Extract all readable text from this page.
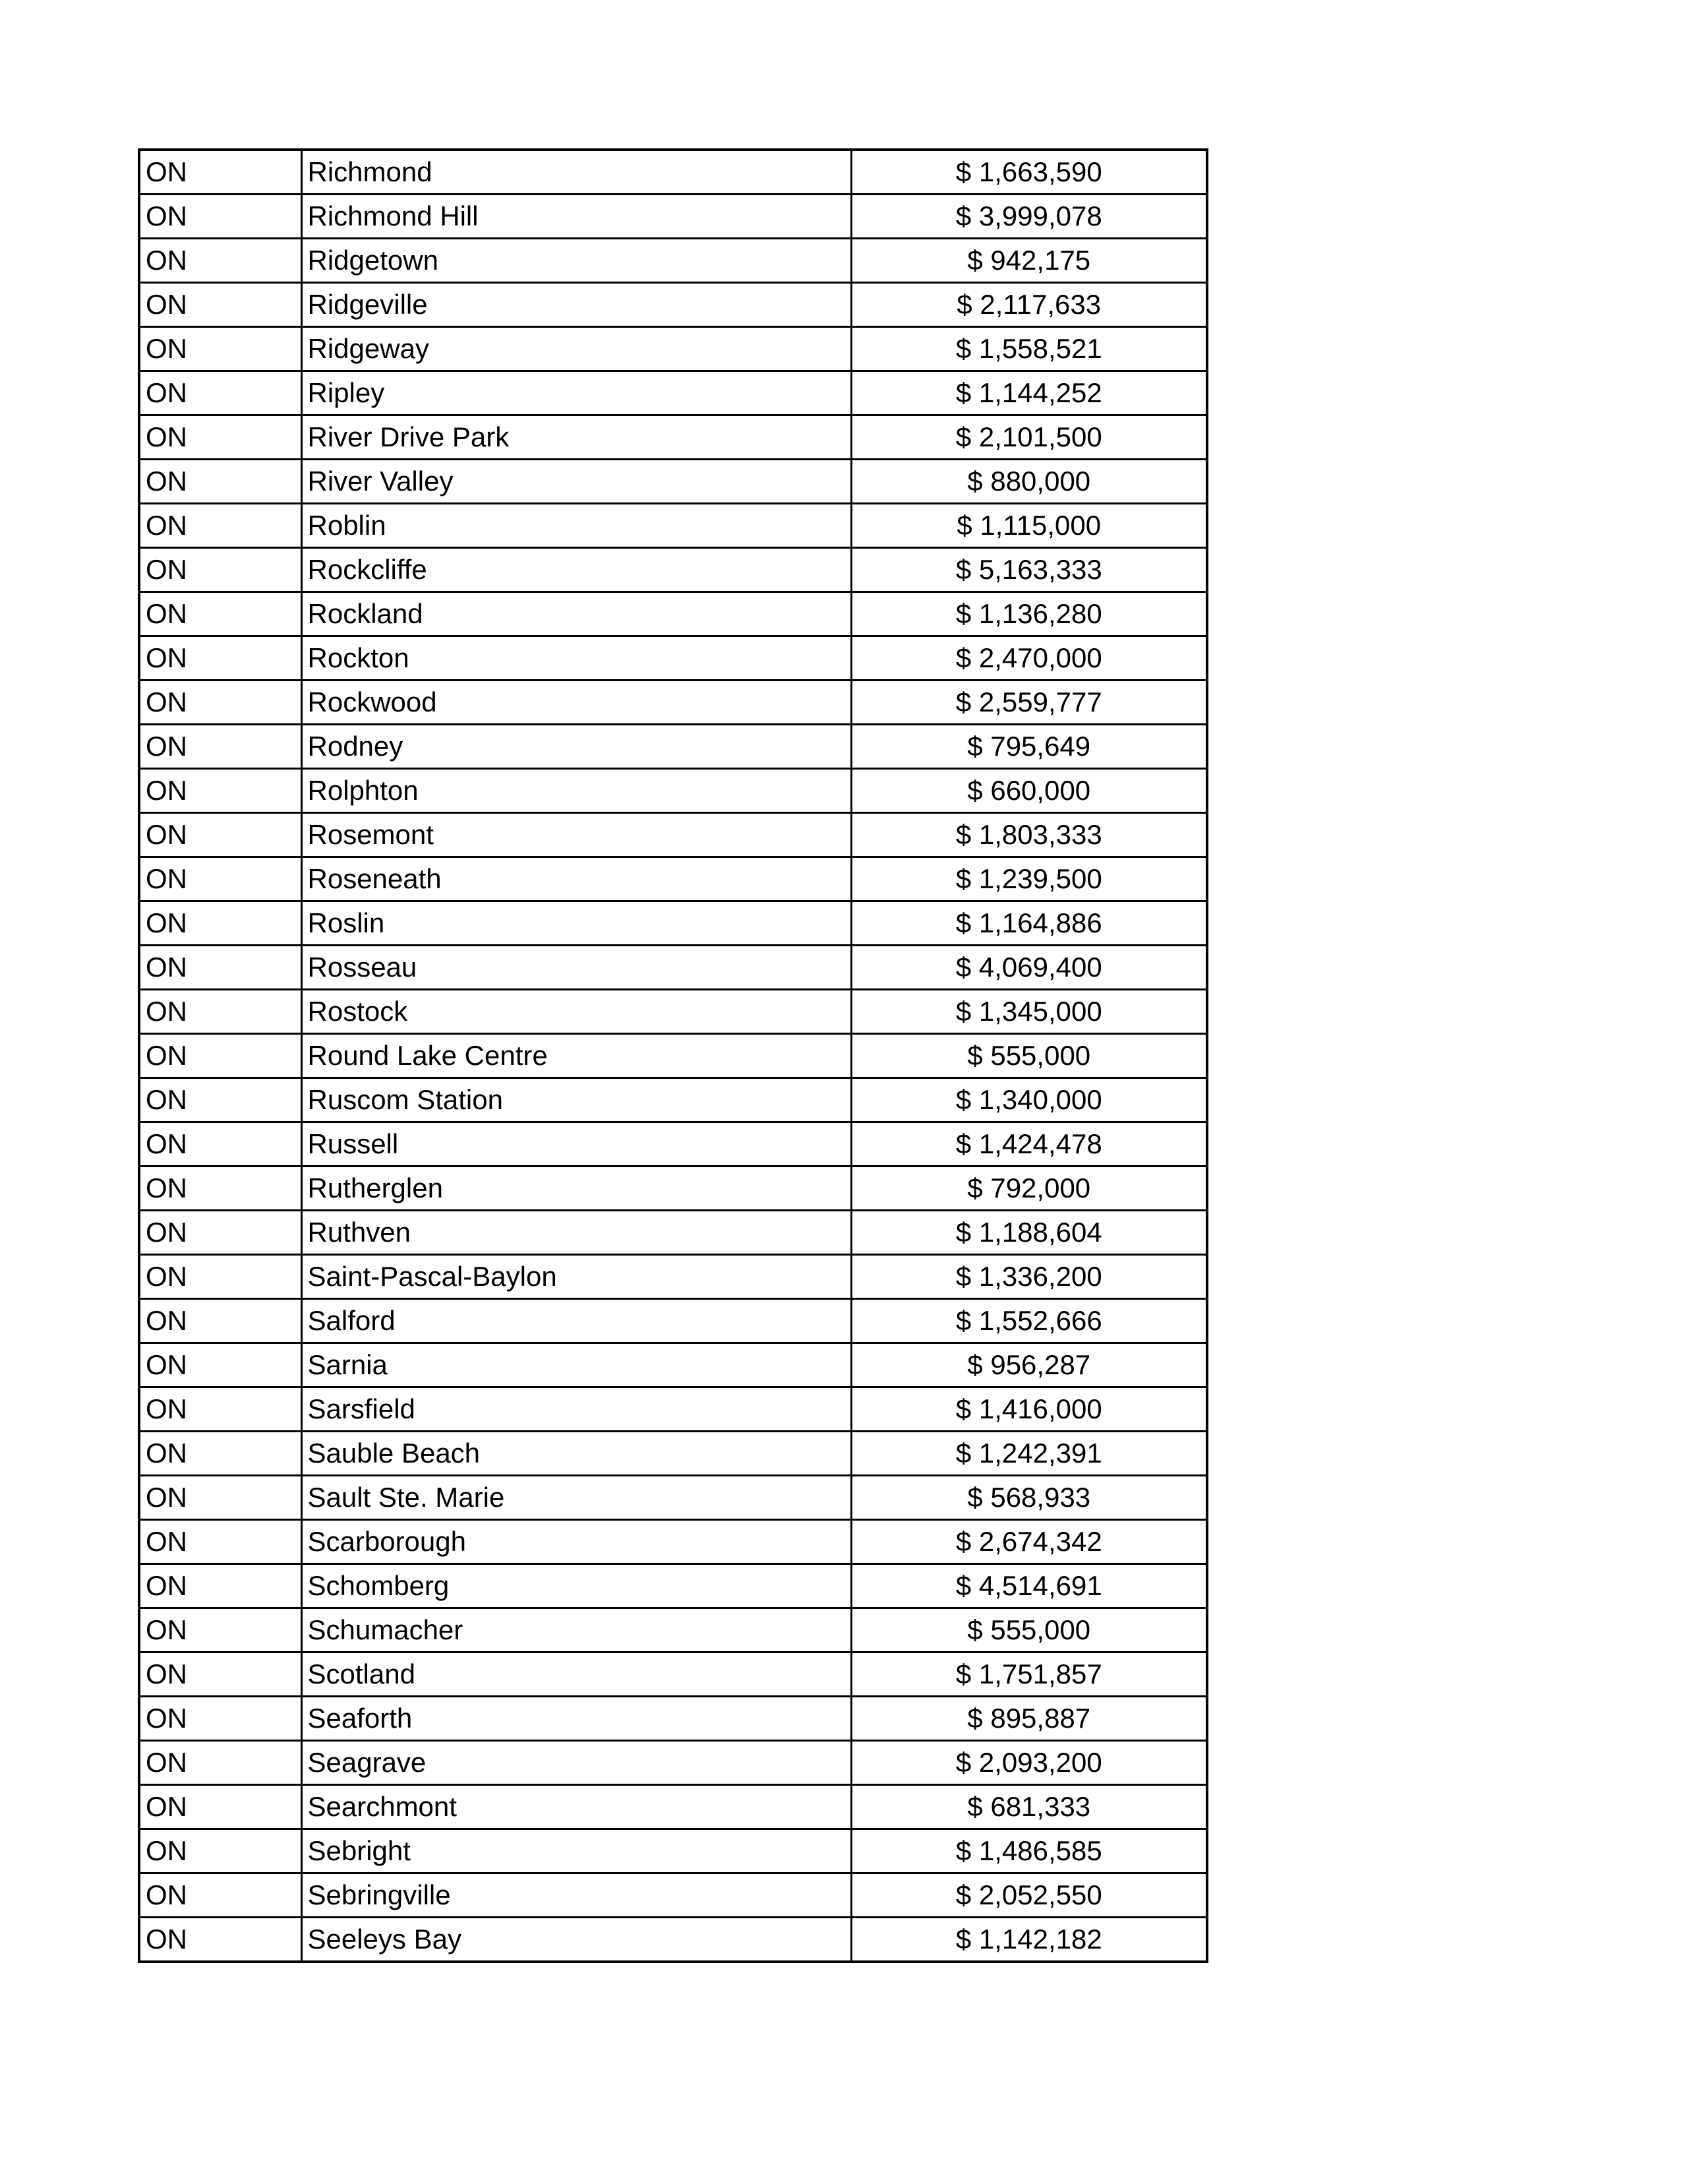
ON	Richmond	$ 1,663,590
ON	Richmond Hill	$ 3,999,078
ON	Ridgetown	$ 942,175
ON	Ridgeville	$ 2,117,633
ON	Ridgeway	$ 1,558,521
ON	Ripley	$ 1,144,252
ON	River Drive Park	$ 2,101,500
ON	River Valley	$ 880,000
ON	Roblin	$ 1,115,000
ON	Rockcliffe	$ 5,163,333
ON	Rockland	$ 1,136,280
ON	Rockton	$ 2,470,000
ON	Rockwood	$ 2,559,777
ON	Rodney	$ 795,649
ON	Rolphton	$ 660,000
ON	Rosemont	$ 1,803,333
ON	Roseneath	$ 1,239,500
ON	Roslin	$ 1,164,886
ON	Rosseau	$ 4,069,400
ON	Rostock	$ 1,345,000
ON	Round Lake Centre	$ 555,000
ON	Ruscom Station	$ 1,340,000
ON	Russell	$ 1,424,478
ON	Rutherglen	$ 792,000
ON	Ruthven	$ 1,188,604
ON	Saint-Pascal-Baylon	$ 1,336,200
ON	Salford	$ 1,552,666
ON	Sarnia	$ 956,287
ON	Sarsfield	$ 1,416,000
ON	Sauble Beach	$ 1,242,391
ON	Sault Ste. Marie	$ 568,933
ON	Scarborough	$ 2,674,342
ON	Schomberg	$ 4,514,691
ON	Schumacher	$ 555,000
ON	Scotland	$ 1,751,857
ON	Seaforth	$ 895,887
ON	Seagrave	$ 2,093,200
ON	Searchmont	$ 681,333
ON	Sebright	$ 1,486,585
ON	Sebringville	$ 2,052,550
ON	Seeleys Bay	$ 1,142,182
